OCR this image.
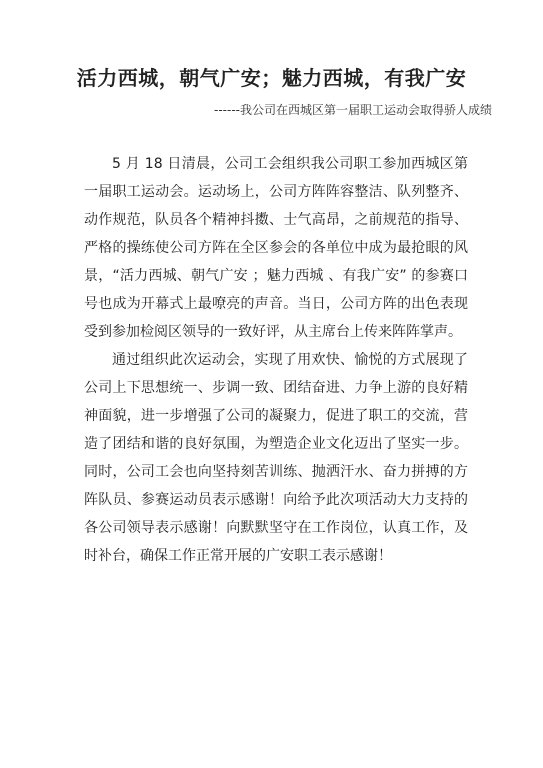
活力西城，朝气广安；魅力西城，有我广安
------我公司在西城区第一届职工运动会取得骄人成绩

5 月 18 日清晨，公司工会组织我公司职工参加西城区第一届职工运动会。运动场上，公司方阵阵容整洁、队列整齐、动作规范，队员各个精神抖擞、士气高昂，之前规范的指导、严格的操练使公司方阵在全区参会的各单位中成为最抢眼的风景，“活力西城、朝气广安 ；魅力西城 、有我广安” 的参赛口号也成为开幕式上最嘹亮的声音。当日，公司方阵的出色表现受到参加检阅区领导的一致好评，从主席台上传来阵阵掌声。

通过组织此次运动会，实现了用欢快、愉悦的方式展现了公司上下思想统一、步调一致、团结奋进、力争上游的良好精神面貌，进一步增强了公司的凝聚力，促进了职工的交流，营造了团结和谐的良好氛围，为塑造企业文化迈出了坚实一步。同时，公司工会也向坚持刻苦训练、抛洒汗水、奋力拼搏的方阵队员、参赛运动员表示感谢！向给予此次项活动大力支持的各公司领导表示感谢！向默默坚守在工作岗位，认真工作，及时补台，确保工作正常开展的广安职工表示感谢！
